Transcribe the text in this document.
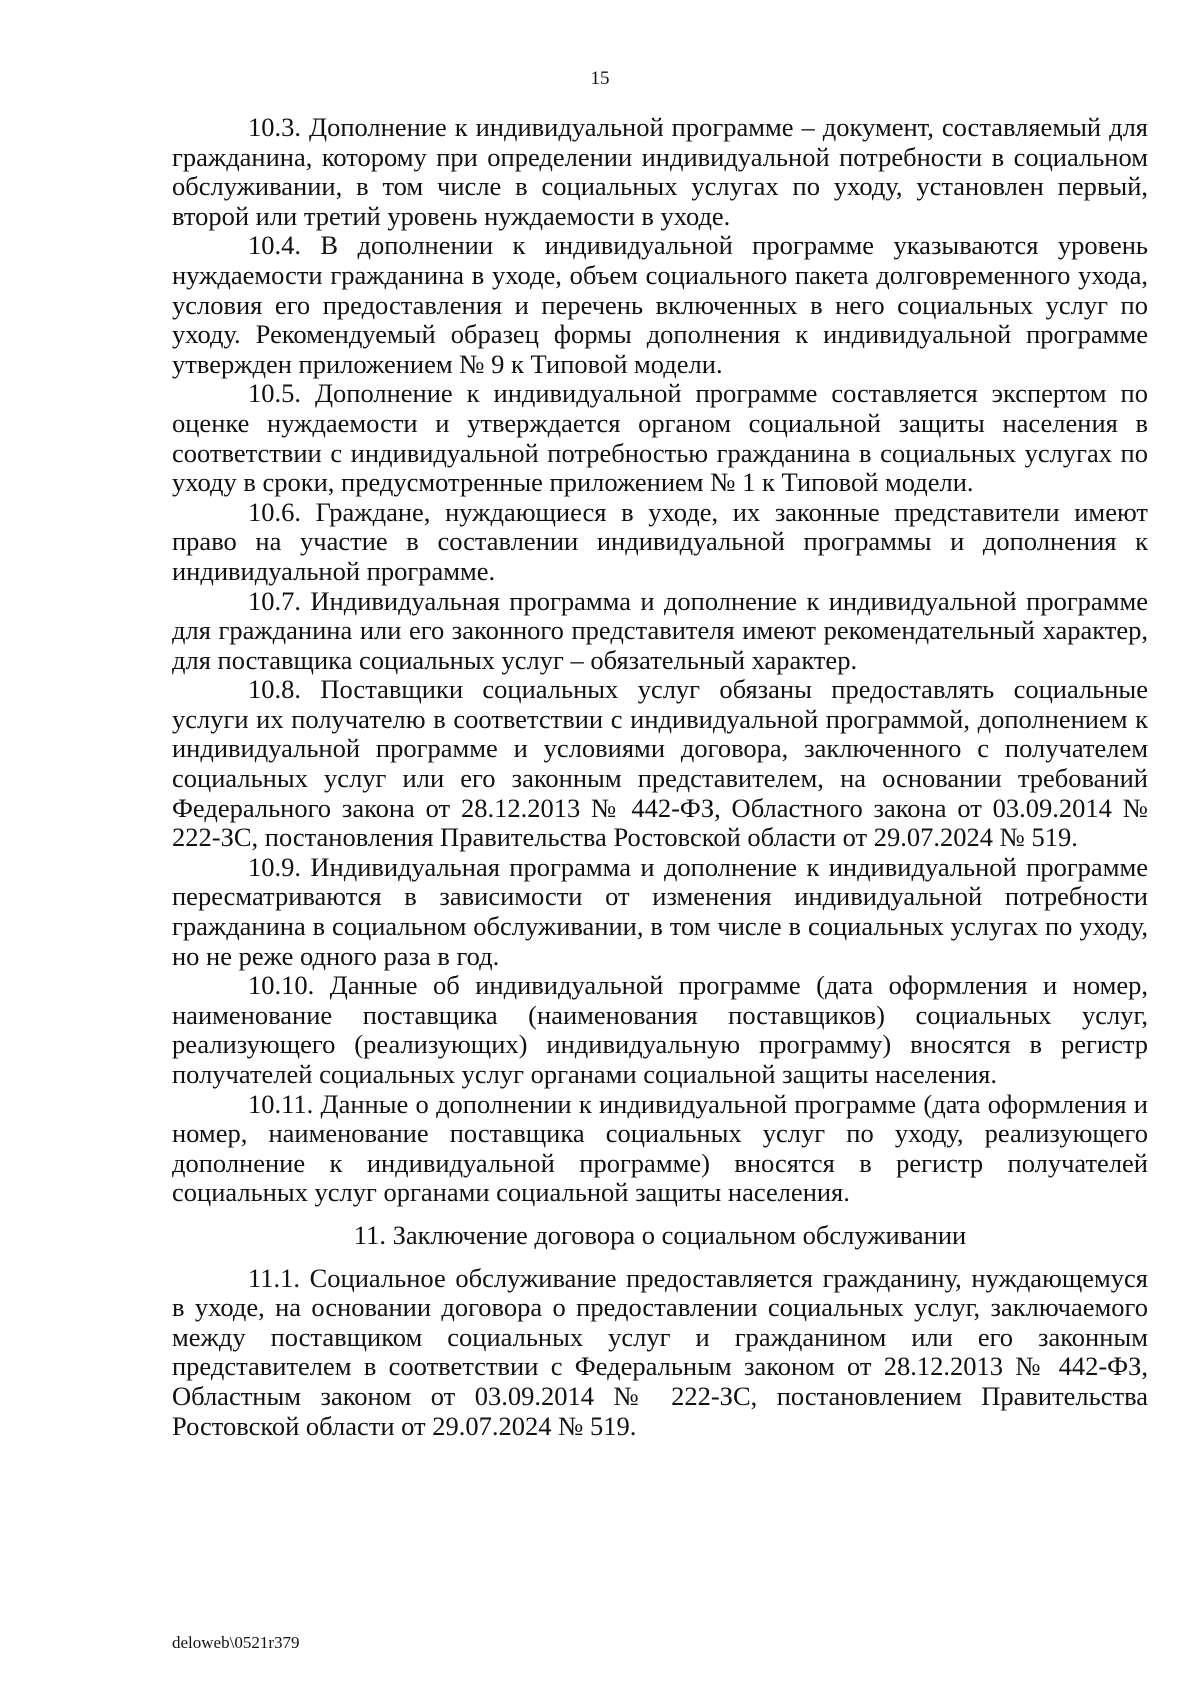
15

10.3. Дополнение к индивидуальной программе – документ, составляемый для гражданина, которому при определении индивидуальной потребности в социальном обслуживании, в том числе в социальных услугах по уходу, установлен первый, второй или третий уровень нуждаемости в уходе.

10.4. В дополнении к индивидуальной программе указываются уровень нуждаемости гражданина в уходе, объем социального пакета долговременного ухода, условия его предоставления и перечень включенных в него социальных услуг по уходу. Рекомендуемый образец формы дополнения к индивидуальной программе утвержден приложением № 9 к Типовой модели.

10.5. Дополнение к индивидуальной программе составляется экспертом по оценке нуждаемости и утверждается органом социальной защиты населения в соответствии с индивидуальной потребностью гражданина в социальных услугах по уходу в сроки, предусмотренные приложением № 1 к Типовой модели.

10.6. Граждане, нуждающиеся в уходе, их законные представители имеют право на участие в составлении индивидуальной программы и дополнения к индивидуальной программе.

10.7. Индивидуальная программа и дополнение к индивидуальной программе для гражданина или его законного представителя имеют рекомендательный характер, для поставщика социальных услуг – обязательный характер.

10.8. Поставщики социальных услуг обязаны предоставлять социальные услуги их получателю в соответствии с индивидуальной программой, дополнением к индивидуальной программе и условиями договора, заключенного с получателем социальных услуг или его законным представителем, на основании требований Федерального закона от 28.12.2013 № 442-ФЗ, Областного закона от 03.09.2014 № 222-ЗС, постановления Правительства Ростовской области от 29.07.2024 № 519.

10.9. Индивидуальная программа и дополнение к индивидуальной программе пересматриваются в зависимости от изменения индивидуальной потребности гражданина в социальном обслуживании, в том числе в социальных услугах по уходу, но не реже одного раза в год.

10.10. Данные об индивидуальной программе (дата оформления и номер, наименование поставщика (наименования поставщиков) социальных услуг, реализующего (реализующих) индивидуальную программу) вносятся в регистр получателей социальных услуг органами социальной защиты населения.

10.11. Данные о дополнении к индивидуальной программе (дата оформления и номер, наименование поставщика социальных услуг по уходу, реализующего дополнение к индивидуальной программе) вносятся в регистр получателей социальных услуг органами социальной защиты населения.

11. Заключение договора о социальном обслуживании

11.1. Социальное обслуживание предоставляется гражданину, нуждающемуся в уходе, на основании договора о предоставлении социальных услуг, заключаемого между поставщиком социальных услуг и гражданином или его законным представителем в соответствии с Федеральным законом от 28.12.2013 № 442-ФЗ, Областным законом от 03.09.2014 № 222-ЗС, постановлением Правительства Ростовской области от 29.07.2024 № 519.

deloweb\0521r379
